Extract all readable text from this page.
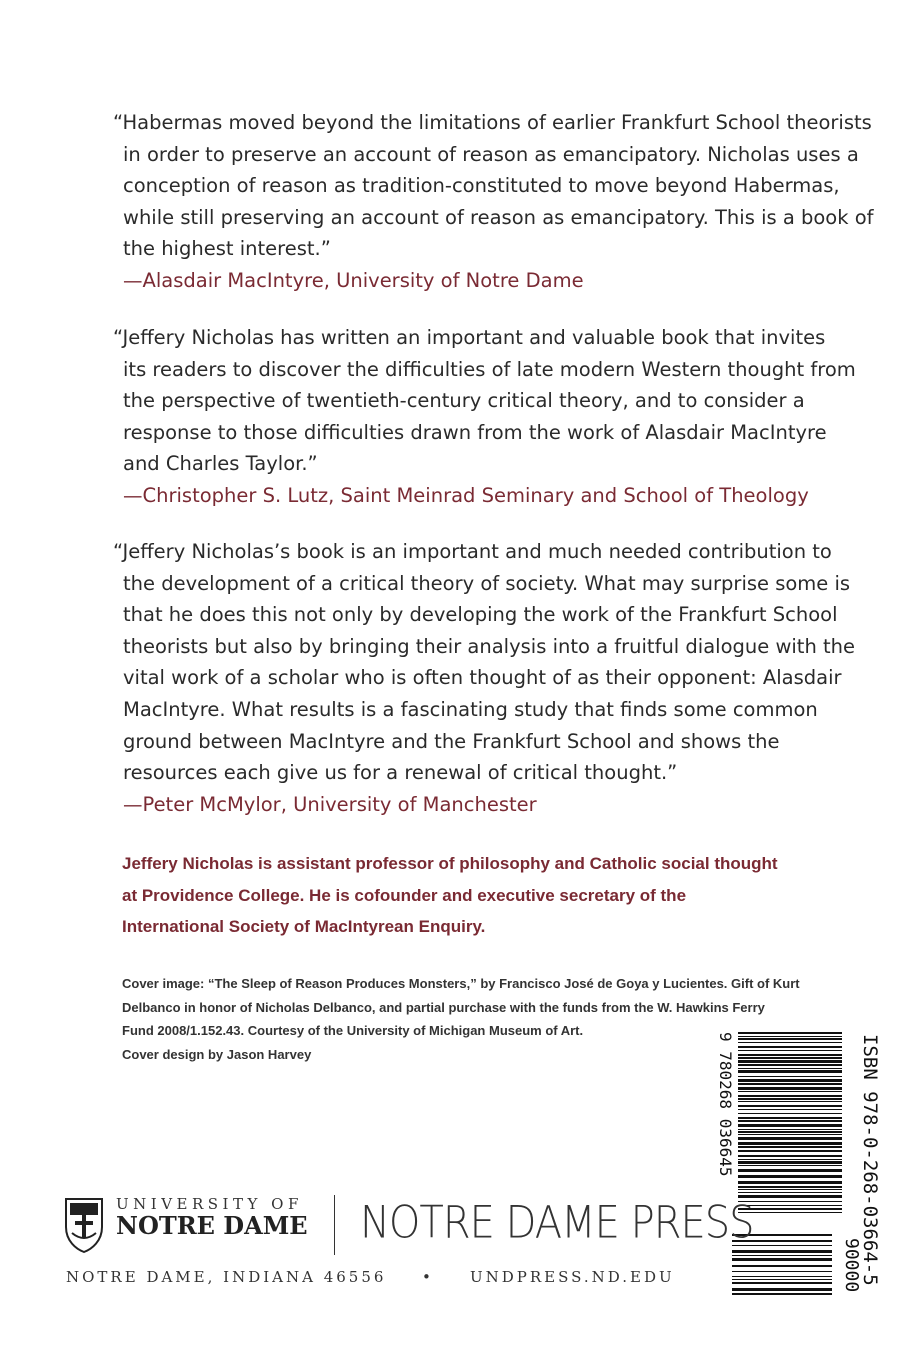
“Habermas moved beyond the limitations of earlier Frankfurt School theorists
in order to preserve an account of reason as emancipatory. Nicholas uses a
conception of reason as tradition-constituted to move beyond Habermas,
while still preserving an account of reason as emancipatory. This is a book of
the highest interest.”
—Alasdair MacIntyre, University of Notre Dame
“Jeffery Nicholas has written an important and valuable book that invites
its readers to discover the difficulties of late modern Western thought from
the perspective of twentieth-century critical theory, and to consider a
response to those difficulties drawn from the work of Alasdair MacIntyre
and Charles Taylor.”
—Christopher S. Lutz, Saint Meinrad Seminary and School of Theology
“Jeffery Nicholas’s book is an important and much needed contribution to
the development of a critical theory of society. What may surprise some is
that he does this not only by developing the work of the Frankfurt School
theorists but also by bringing their analysis into a fruitful dialogue with the
vital work of a scholar who is often thought of as their opponent: Alasdair
MacIntyre. What results is a fascinating study that finds some common
ground between MacIntyre and the Frankfurt School and shows the
resources each give us for a renewal of critical thought.”
—Peter McMylor, University of Manchester
Jeffery Nicholas is assistant professor of philosophy and Catholic social thought
at Providence College. He is cofounder and executive secretary of the
International Society of MacIntyrean Enquiry.
Cover image: “The Sleep of Reason Produces Monsters,” by Francisco José de Goya y Lucientes. Gift of Kurt
Delbanco in honor of Nicholas Delbanco, and partial purchase with the funds from the W. Hawkins Ferry
Fund 2008/1.152.43. Courtesy of the University of Michigan Museum of Art.
Cover design by Jason Harvey	ISBN 978-0-268-03664-5
9 780268 036645
90000
UNIVERSITY OF
NOTRE DAME NOTRE DAME PRESS
NOTRE DAME, INDIANA 46556 •	UNDPRESS.ND.EDU
